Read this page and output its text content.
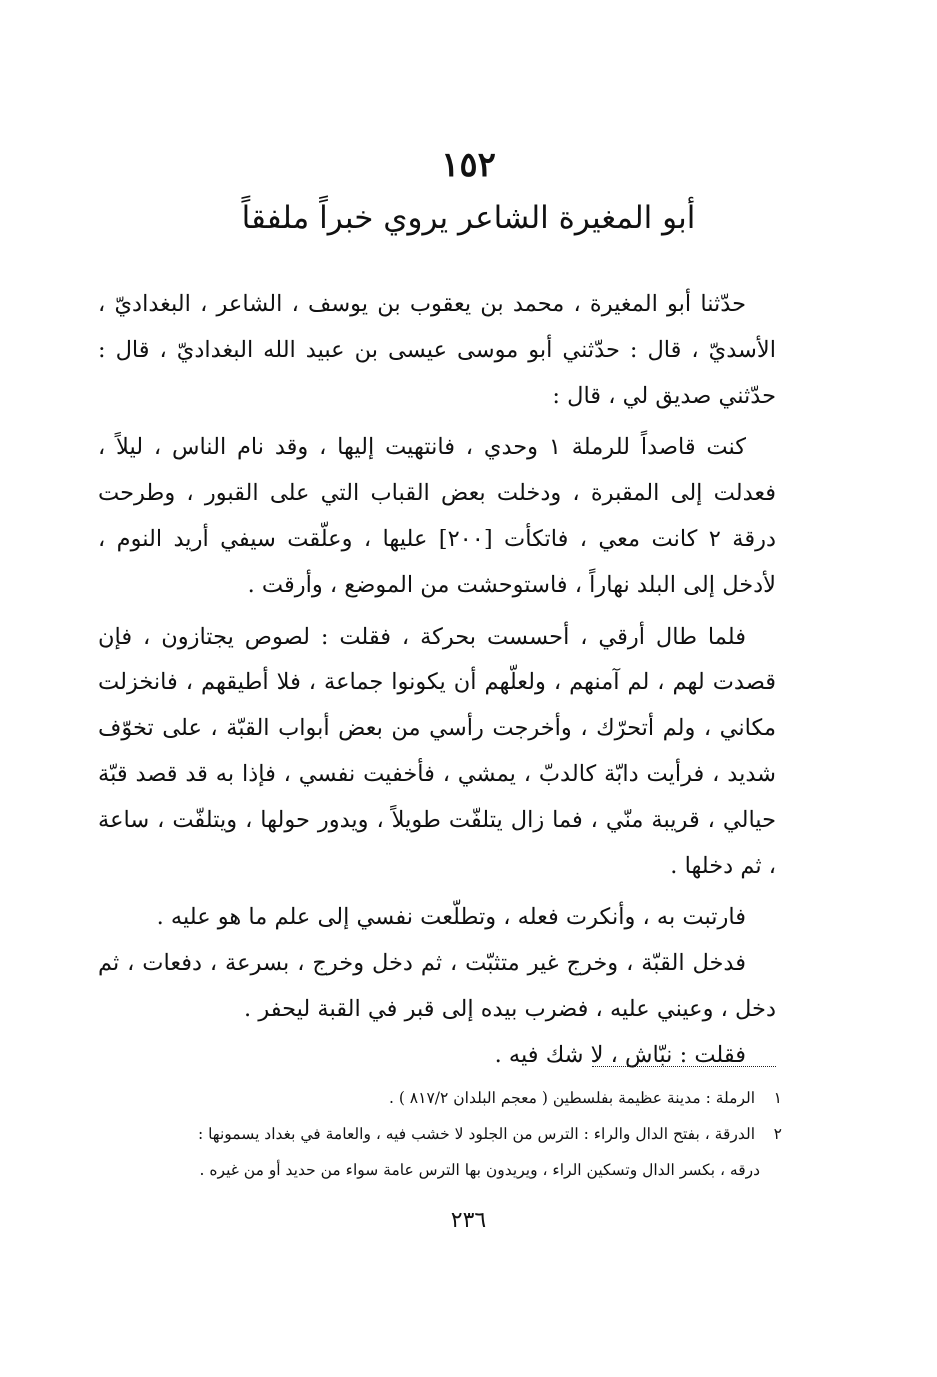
١٥٢
أبو المغيرة الشاعر يروي خبراً ملفقاً

حدّثنا أبو المغيرة ، محمد بن يعقوب بن يوسف ، الشاعر ، البغداديّ ، الأسديّ ، قال : حدّثني أبو موسى عيسى بن عبيد الله البغداديّ ، قال : حدّثني صديق لي ، قال :

كنت قاصداً للرملة ١ وحدي ، فانتهيت إليها ، وقد نام الناس ، ليلاً ، فعدلت إلى المقبرة ، ودخلت بعض القباب التي على القبور ، وطرحت درقة ٢ كانت معي ، فاتكأت [٢٠٠] عليها ، وعلّقت سيفي أريد النوم ، لأدخل إلى البلد نهاراً ، فاستوحشت من الموضع ، وأرقت .

فلما طال أرقي ، أحسست بحركة ، فقلت : لصوص يجتازون ، فإن قصدت لهم ، لم آمنهم ، ولعلّهم أن يكونوا جماعة ، فلا أطيقهم ، فانخزلت مكاني ، ولم أتحرّك ، وأخرجت رأسي من بعض أبواب القبّة ، على تخوّف شديد ، فرأيت دابّة كالدبّ ، يمشي ، فأخفيت نفسي ، فإذا به قد قصد قبّة حيالي ، قريبة منّي ، فما زال يتلفّت طويلاً ، ويدور حولها ، ويتلفّت ، ساعة ، ثم دخلها .

فارتبت به ، وأنكرت فعله ، وتطلّعت نفسي إلى علم ما هو عليه .

فدخل القبّة ، وخرج غير متثبّت ، ثم دخل وخرج ، بسرعة ، دفعات ، ثم دخل ، وعيني عليه ، فضرب بيده إلى قبر في القبة ليحفر .

فقلت : نبّاش ، لا شك فيه .

١ الرملة : مدينة عظيمة بفلسطين ( معجم البلدان ٨١٧/٢ ) .

٢ الدرقة ، بفتح الدال والراء : الترس من الجلود لا خشب فيه ، والعامة في بغداد يسمونها :

درقه ، بكسر الدال وتسكين الراء ، ويريدون بها الترس عامة سواء من حديد أو من غيره .

٢٣٦
